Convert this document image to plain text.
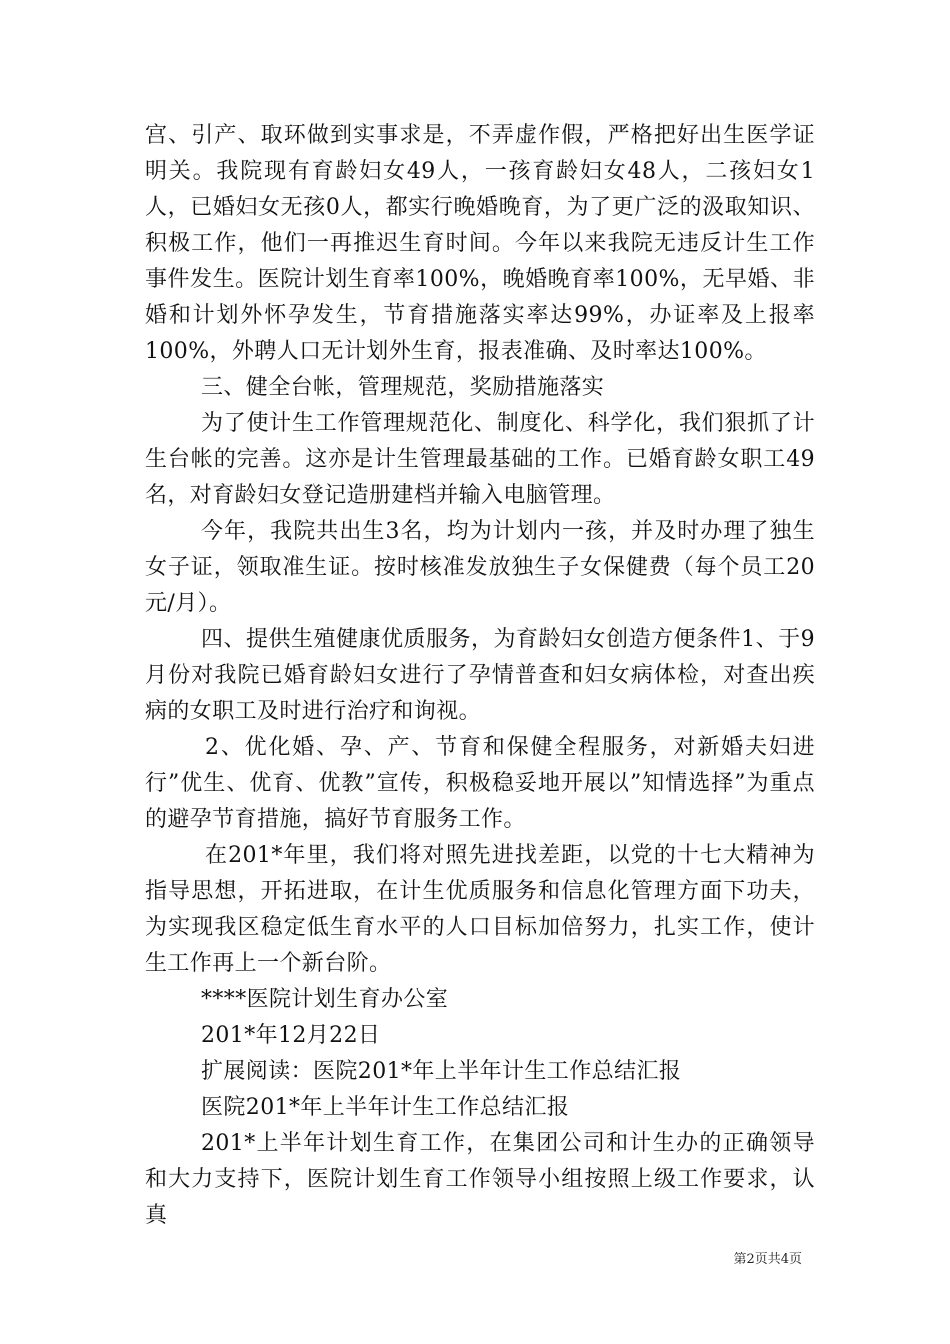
宫、引产、取环做到实事求是，不弄虚作假，严格把好出生医学证明关。我院现有育龄妇女49人，一孩育龄妇女48人，二孩妇女1人，已婚妇女无孩0人，都实行晚婚晚育，为了更广泛的汲取知识、积极工作，他们一再推迟生育时间。今年以来我院无违反计生工作事件发生。医院计划生育率100%，晚婚晚育率100%，无早婚、非婚和计划外怀孕发生，节育措施落实率达99%，办证率及上报率100%，外聘人口无计划外生育，报表准确、及时率达100%。

三、健全台帐，管理规范，奖励措施落实

为了使计生工作管理规范化、制度化、科学化，我们狠抓了计生台帐的完善。这亦是计生管理最基础的工作。已婚育龄女职工49名，对育龄妇女登记造册建档并输入电脑管理。

今年，我院共出生3名，均为计划内一孩，并及时办理了独生女子证，领取准生证。按时核准发放独生子女保健费（每个员工20元/月）。

四、提供生殖健康优质服务，为育龄妇女创造方便条件1、于9月份对我院已婚育龄妇女进行了孕情普查和妇女病体检，对查出疾病的女职工及时进行治疗和询视。

2、优化婚、孕、产、节育和保健全程服务，对新婚夫妇进行”优生、优育、优教”宣传，积极稳妥地开展以”知情选择”为重点的避孕节育措施，搞好节育服务工作。

在201*年里，我们将对照先进找差距，以党的十七大精神为指导思想，开拓进取，在计生优质服务和信息化管理方面下功夫，为实现我区稳定低生育水平的人口目标加倍努力，扎实工作，使计生工作再上一个新台阶。

****医院计划生育办公室

201*年12月22日

扩展阅读：医院201*年上半年计生工作总结汇报

医院201*年上半年计生工作总结汇报

201*上半年计划生育工作，在集团公司和计生办的正确领导和大力支持下，医院计划生育工作领导小组按照上级工作要求，认真

第2页共4页
